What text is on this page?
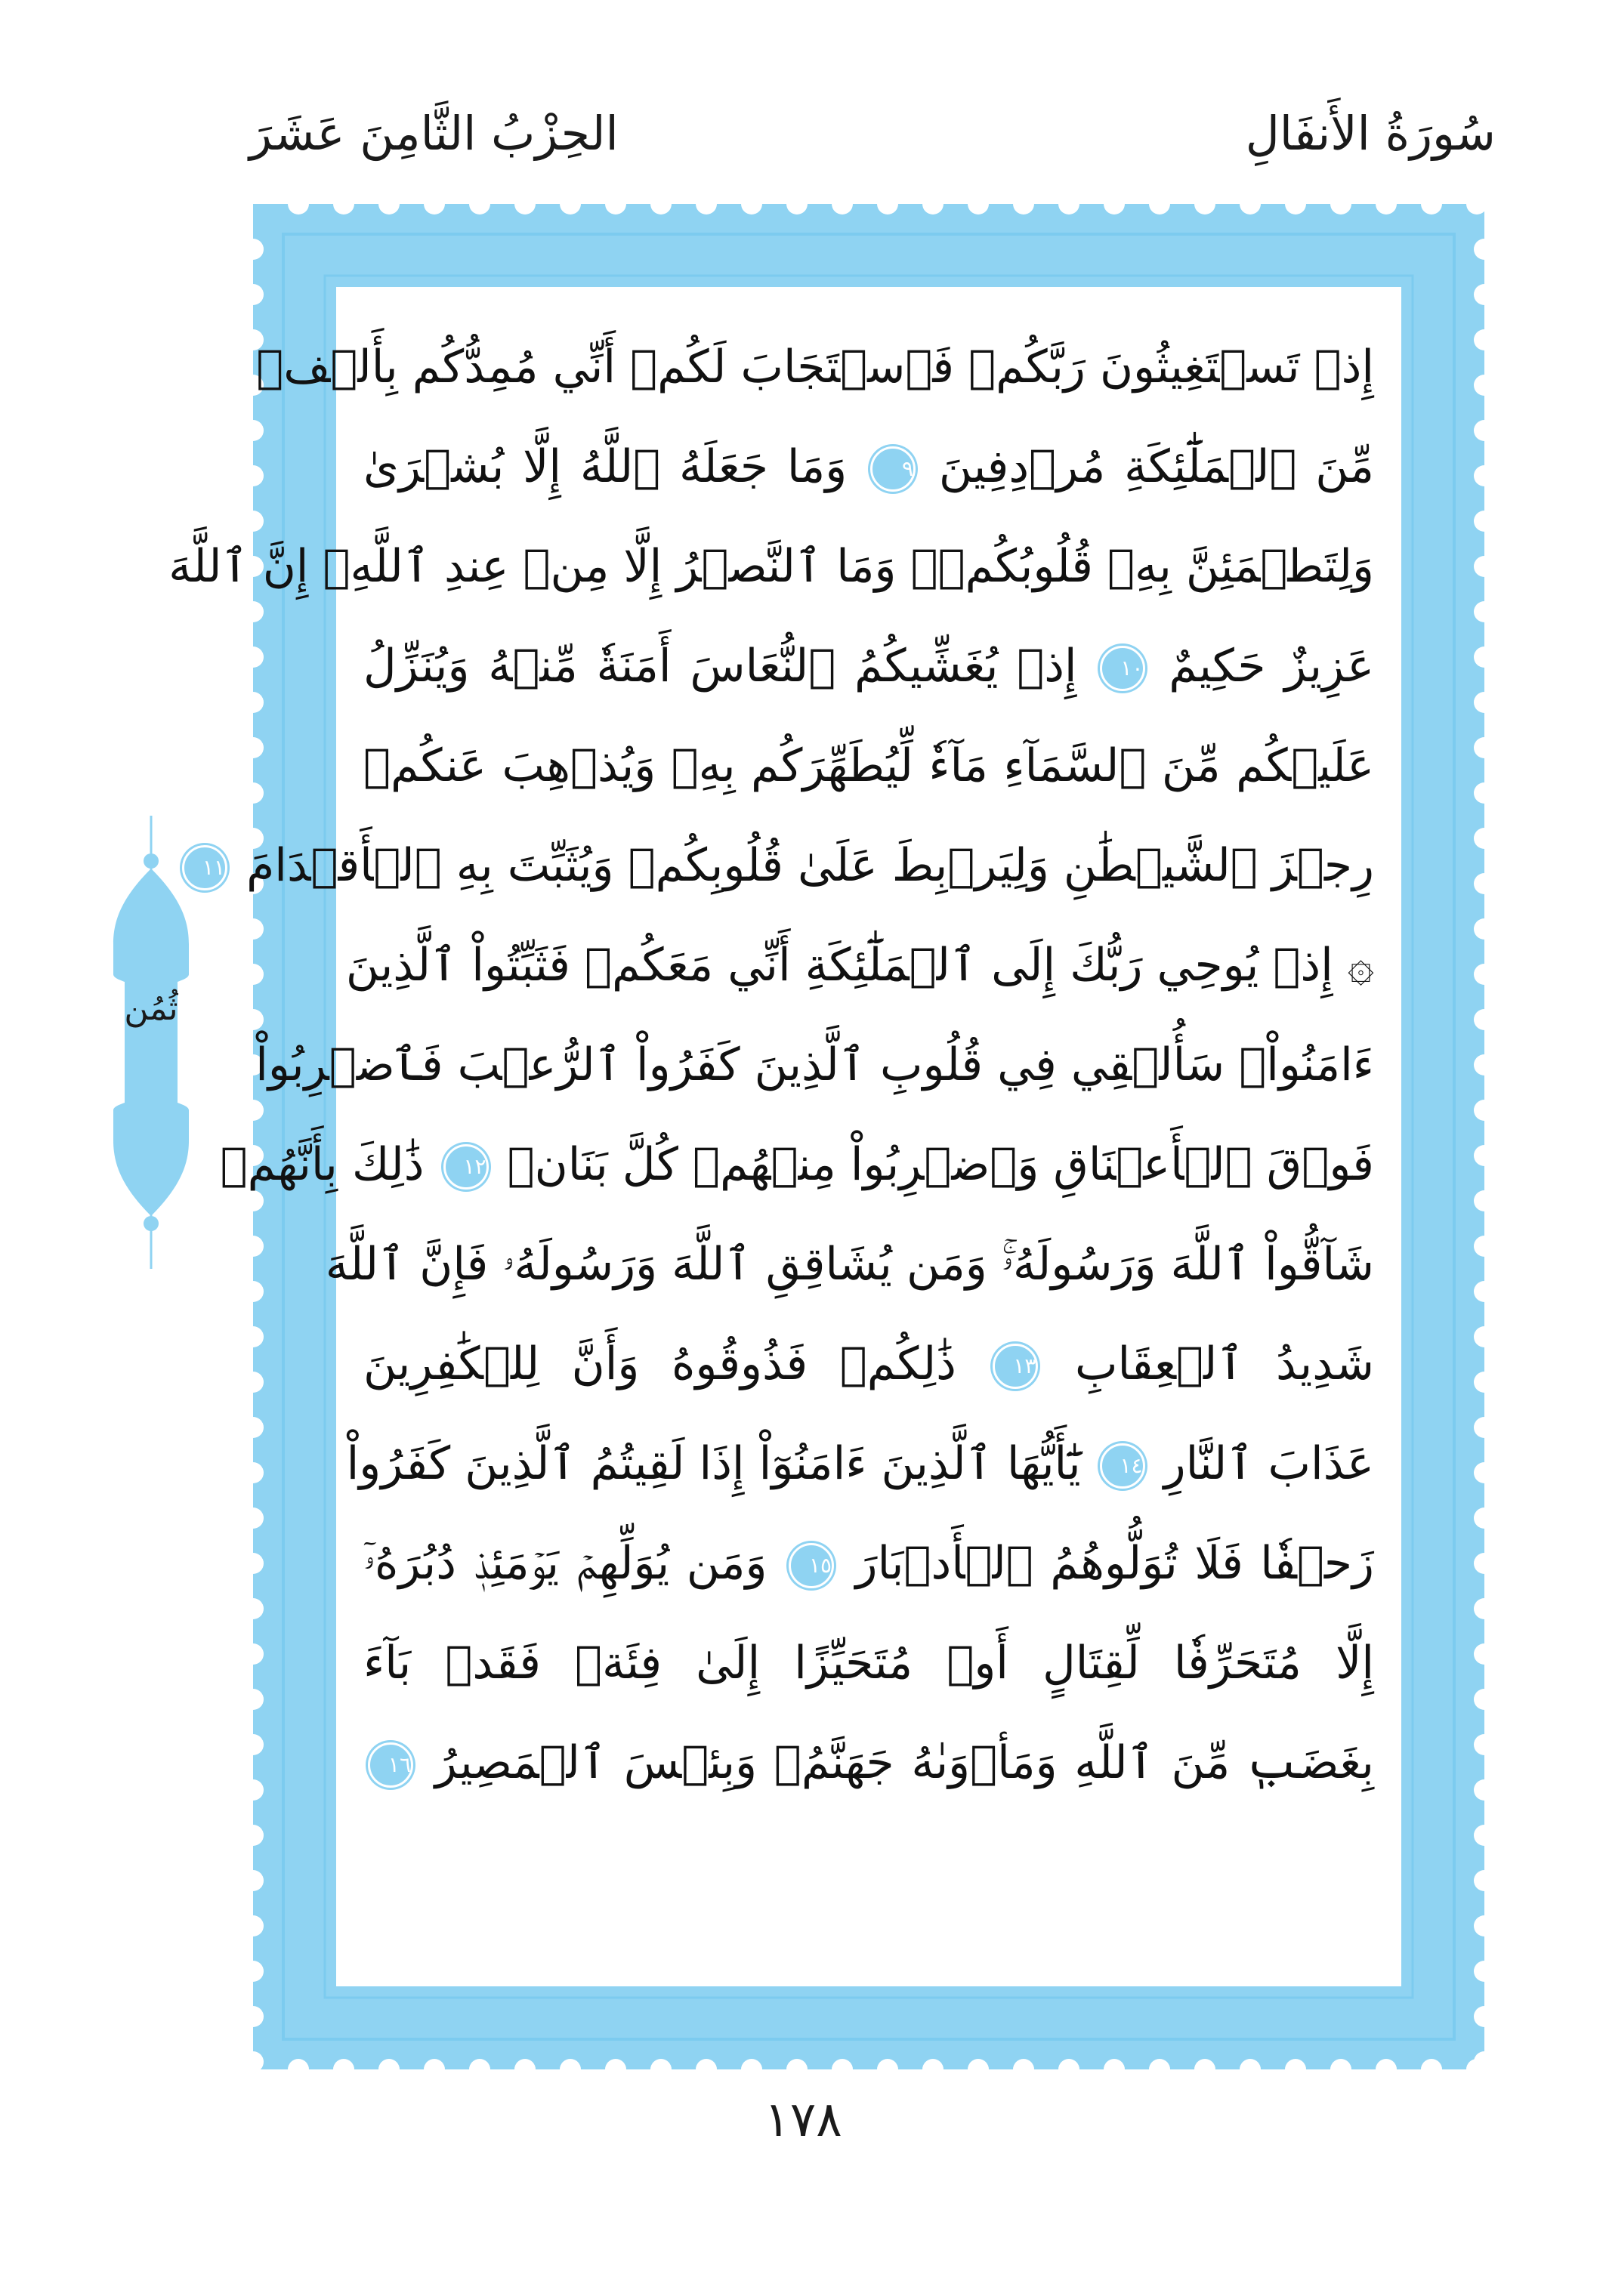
سُورَةُ الأَنفَالِ
الحِزْبُ الثَّامِنَ عَشَرَ
إِذۡ تَسۡتَغِيثُونَ رَبَّكُمۡ فَٱسۡتَجَابَ لَكُمۡ أَنِّي مُمِدُّكُم بِأَلۡفٖ
مِّنَ ٱلۡمَلَٰٓئِكَةِ مُرۡدِفِينَ ٩ وَمَا جَعَلَهُ ٱللَّهُ إِلَّا بُشۡرَىٰ
وَلِتَطۡمَئِنَّ بِهِۦ قُلُوبُكُمۡۚ وَمَا ٱلنَّصۡرُ إِلَّا مِنۡ عِندِ ٱللَّهِۚ إِنَّ ٱللَّهَ
عَزِيزٌ حَكِيمٌ ١٠ إِذۡ يُغَشِّيكُمُ ٱلنُّعَاسَ أَمَنَةٗ مِّنۡهُ وَيُنَزِّلُ
عَلَيۡكُم مِّنَ ٱلسَّمَآءِ مَآءٗ لِّيُطَهِّرَكُم بِهِۦ وَيُذۡهِبَ عَنكُمۡ
رِجۡزَ ٱلشَّيۡطَٰنِ وَلِيَرۡبِطَ عَلَىٰ قُلُوبِكُمۡ وَيُثَبِّتَ بِهِ ٱلۡأَقۡدَامَ ١١
۞ إِذۡ يُوحِي رَبُّكَ إِلَى ٱلۡمَلَٰٓئِكَةِ أَنِّي مَعَكُمۡ فَثَبِّتُواْ ٱلَّذِينَ
ءَامَنُواْۚ سَأُلۡقِي فِي قُلُوبِ ٱلَّذِينَ كَفَرُواْ ٱلرُّعۡبَ فَٱضۡرِبُواْ
فَوۡقَ ٱلۡأَعۡنَاقِ وَٱضۡرِبُواْ مِنۡهُمۡ كُلَّ بَنَانٖ ١٢ ذَٰلِكَ بِأَنَّهُمۡ
شَآقُّواْ ٱللَّهَ وَرَسُولَهُۥۚ وَمَن يُشَاقِقِ ٱللَّهَ وَرَسُولَهُۥ فَإِنَّ ٱللَّهَ
شَدِيدُ ٱلۡعِقَابِ ١٣ ذَٰلِكُمۡ فَذُوقُوهُ وَأَنَّ لِلۡكَٰفِرِينَ
عَذَابَ ٱلنَّارِ ١٤ يَٰٓأَيُّهَا ٱلَّذِينَ ءَامَنُوٓاْ إِذَا لَقِيتُمُ ٱلَّذِينَ كَفَرُواْ
زَحۡفٗا فَلَا تُوَلُّوهُمُ ٱلۡأَدۡبَارَ ١٥ وَمَن يُوَلِّهِمۡ يَوۡمَئِذٖ دُبُرَهُۥٓ
إِلَّا مُتَحَرِّفٗا لِّقِتَالٍ أَوۡ مُتَحَيِّزًا إِلَىٰ فِئَةٖ فَقَدۡ بَآءَ
بِغَضَبٖ مِّنَ ٱللَّهِ وَمَأۡوَىٰهُ جَهَنَّمُۖ وَبِئۡسَ ٱلۡمَصِيرُ ١٦
ثُمُن
١٧٨
